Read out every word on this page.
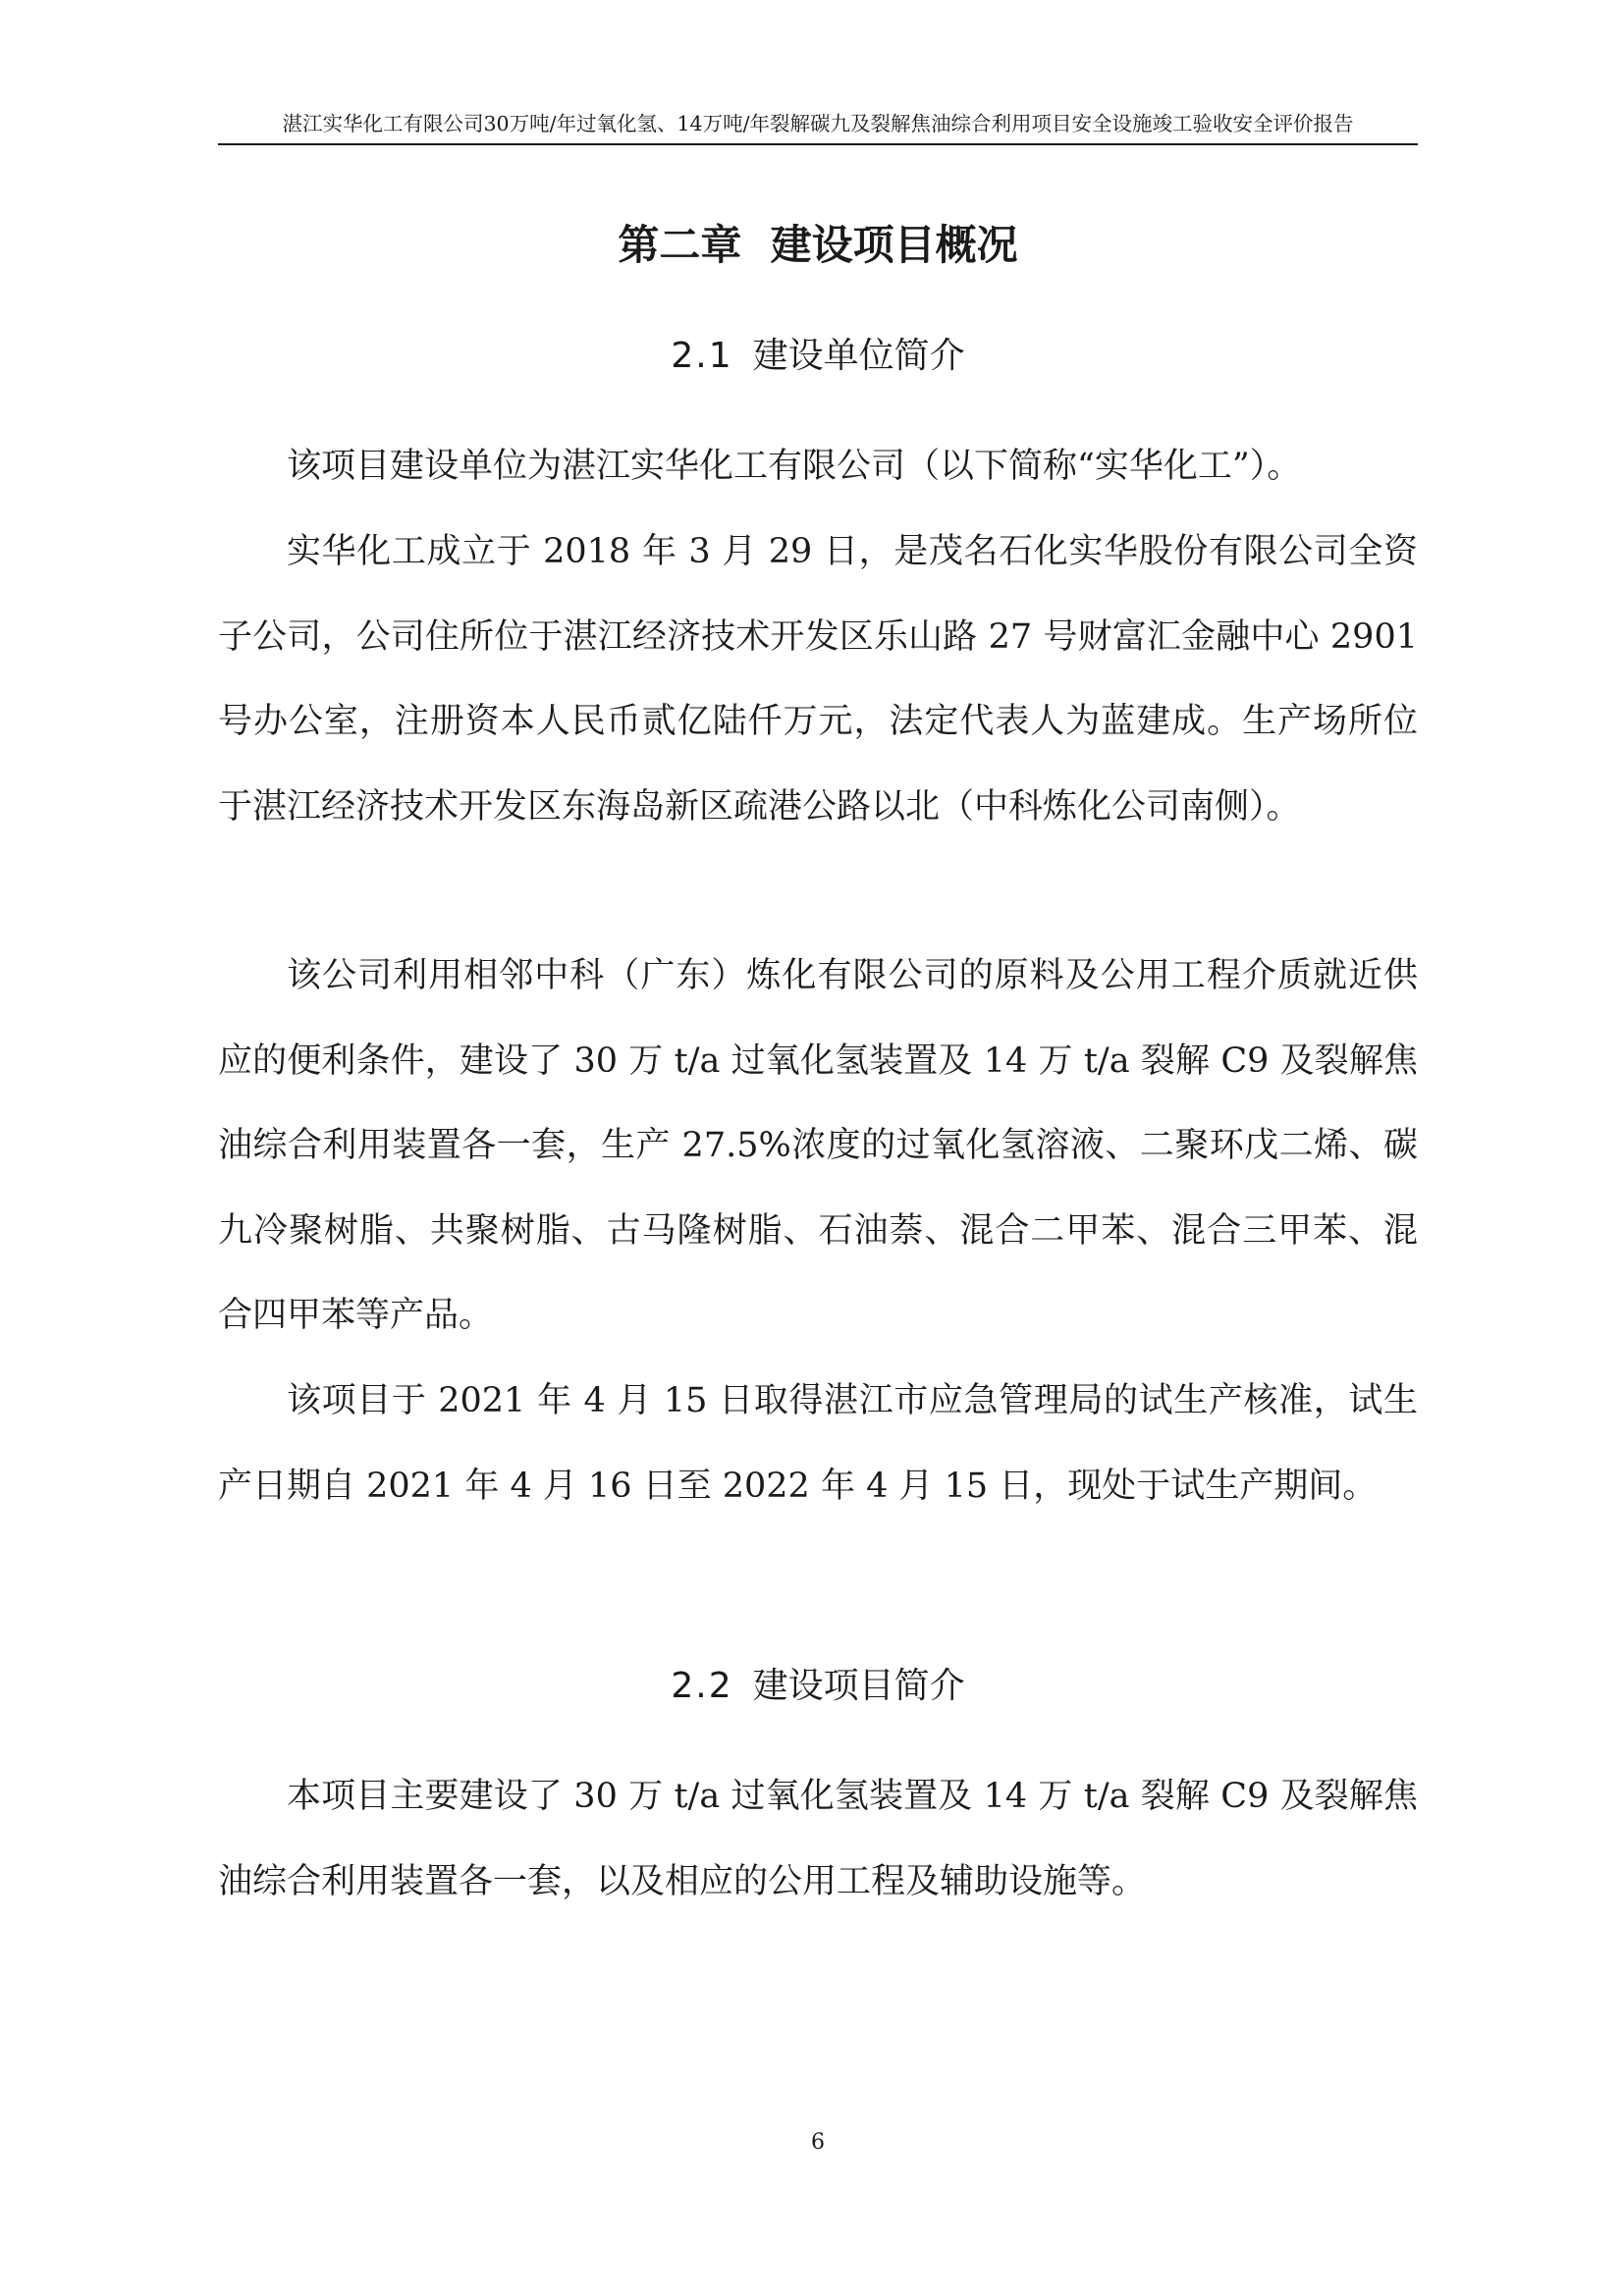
湛江实华化工有限公司30万吨/年过氧化氢、14万吨/年裂解碳九及裂解焦油综合利用项目安全设施竣工验收安全评价报告
第二章  建设项目概况
2.1 建设单位简介

该项目建设单位为湛江实华化工有限公司（以下简称“实华化工”）。

实华化工成立于 2018 年 3 月 29 日，是茂名石化实华股份有限公司全资子公司，公司住所位于湛江经济技术开发区乐山路 27 号财富汇金融中心 2901 号办公室，注册资本人民币贰亿陆仟万元，法定代表人为蓝建成。生产场所位于湛江经济技术开发区东海岛新区疏港公路以北（中科炼化公司南侧）。

该公司利用相邻中科（广东）炼化有限公司的原料及公用工程介质就近供应的便利条件，建设了 30 万 t/a 过氧化氢装置及 14 万 t/a 裂解 C9 及裂解焦油综合利用装置各一套，生产 27.5%浓度的过氧化氢溶液、二聚环戊二烯、碳九冷聚树脂、共聚树脂、古马隆树脂、石油萘、混合二甲苯、混合三甲苯、混合四甲苯等产品。

该项目于 2021 年 4 月 15 日取得湛江市应急管理局的试生产核准，试生产日期自 2021 年 4 月 16 日至 2022 年 4 月 15 日，现处于试生产期间。

2.2 建设项目简介

本项目主要建设了 30 万 t/a 过氧化氢装置及 14 万 t/a 裂解 C9 及裂解焦油综合利用装置各一套，以及相应的公用工程及辅助设施等。

6
